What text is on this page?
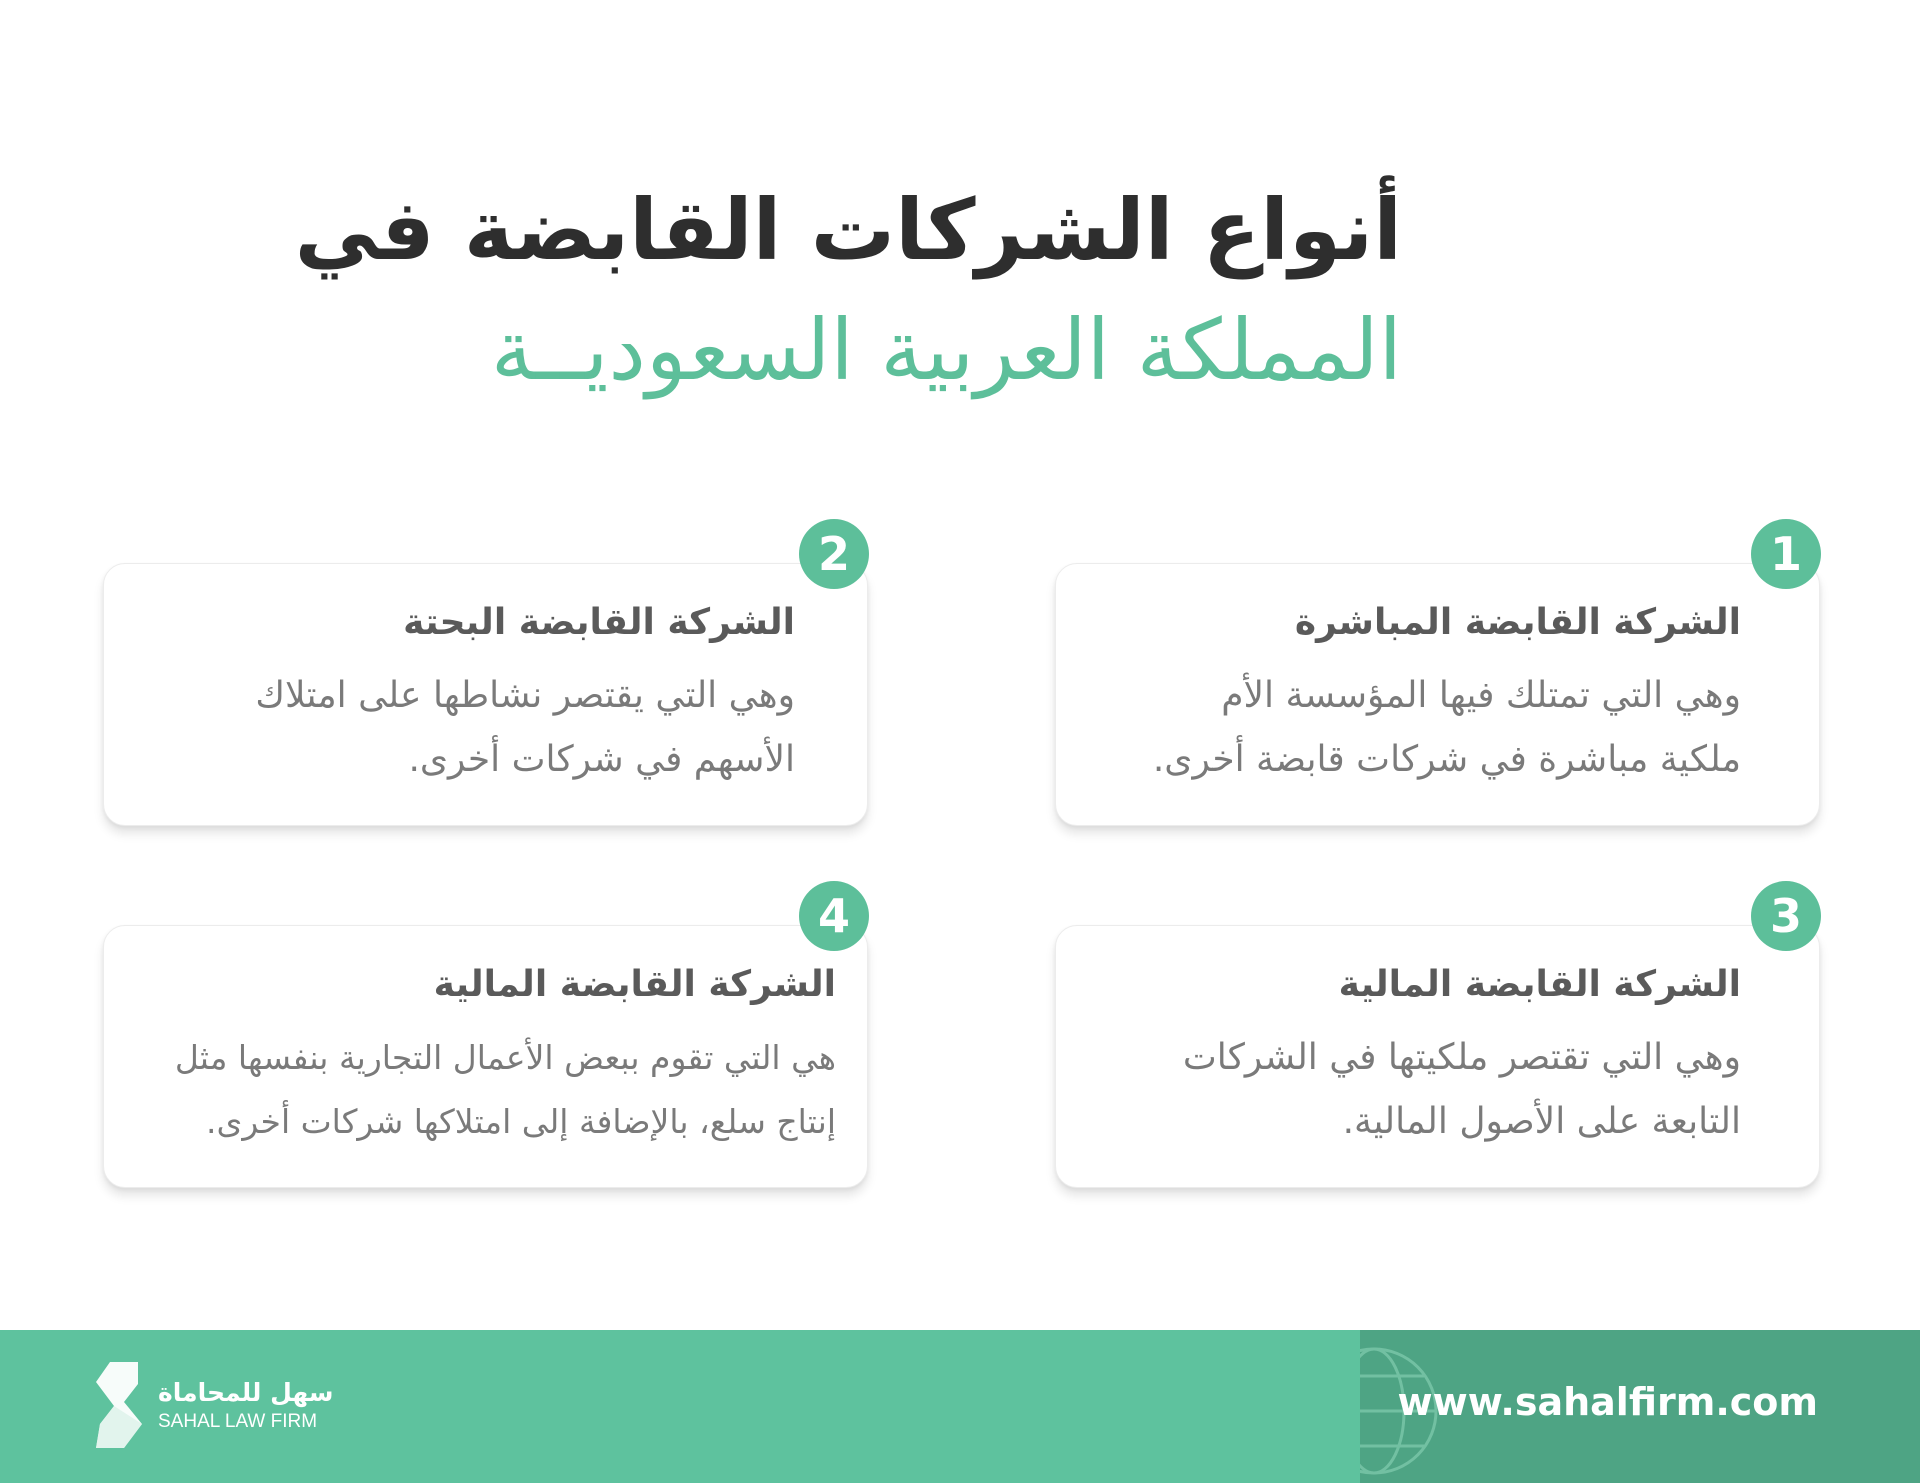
أنواع الشركات القابضة في
المملكة العربية السعوديــة
الشركة القابضة المباشرة
وهي التي تمتلك فيها المؤسسة الأم
ملكية مباشرة في شركات قابضة أخرى.
1
الشركة القابضة البحتة
وهي التي يقتصر نشاطها على امتلاك
الأسهم في شركات أخرى.
2
الشركة القابضة المالية
وهي التي تقتصر ملكيتها في الشركات
التابعة على الأصول المالية.
3
الشركة القابضة المالية
هي التي تقوم ببعض الأعمال التجارية بنفسها مثل
إنتاج سلع، بالإضافة إلى امتلاكها شركات أخرى.
4
www.sahalfirm.com
سهل للمحاماة
SAHAL LAW FIRM
